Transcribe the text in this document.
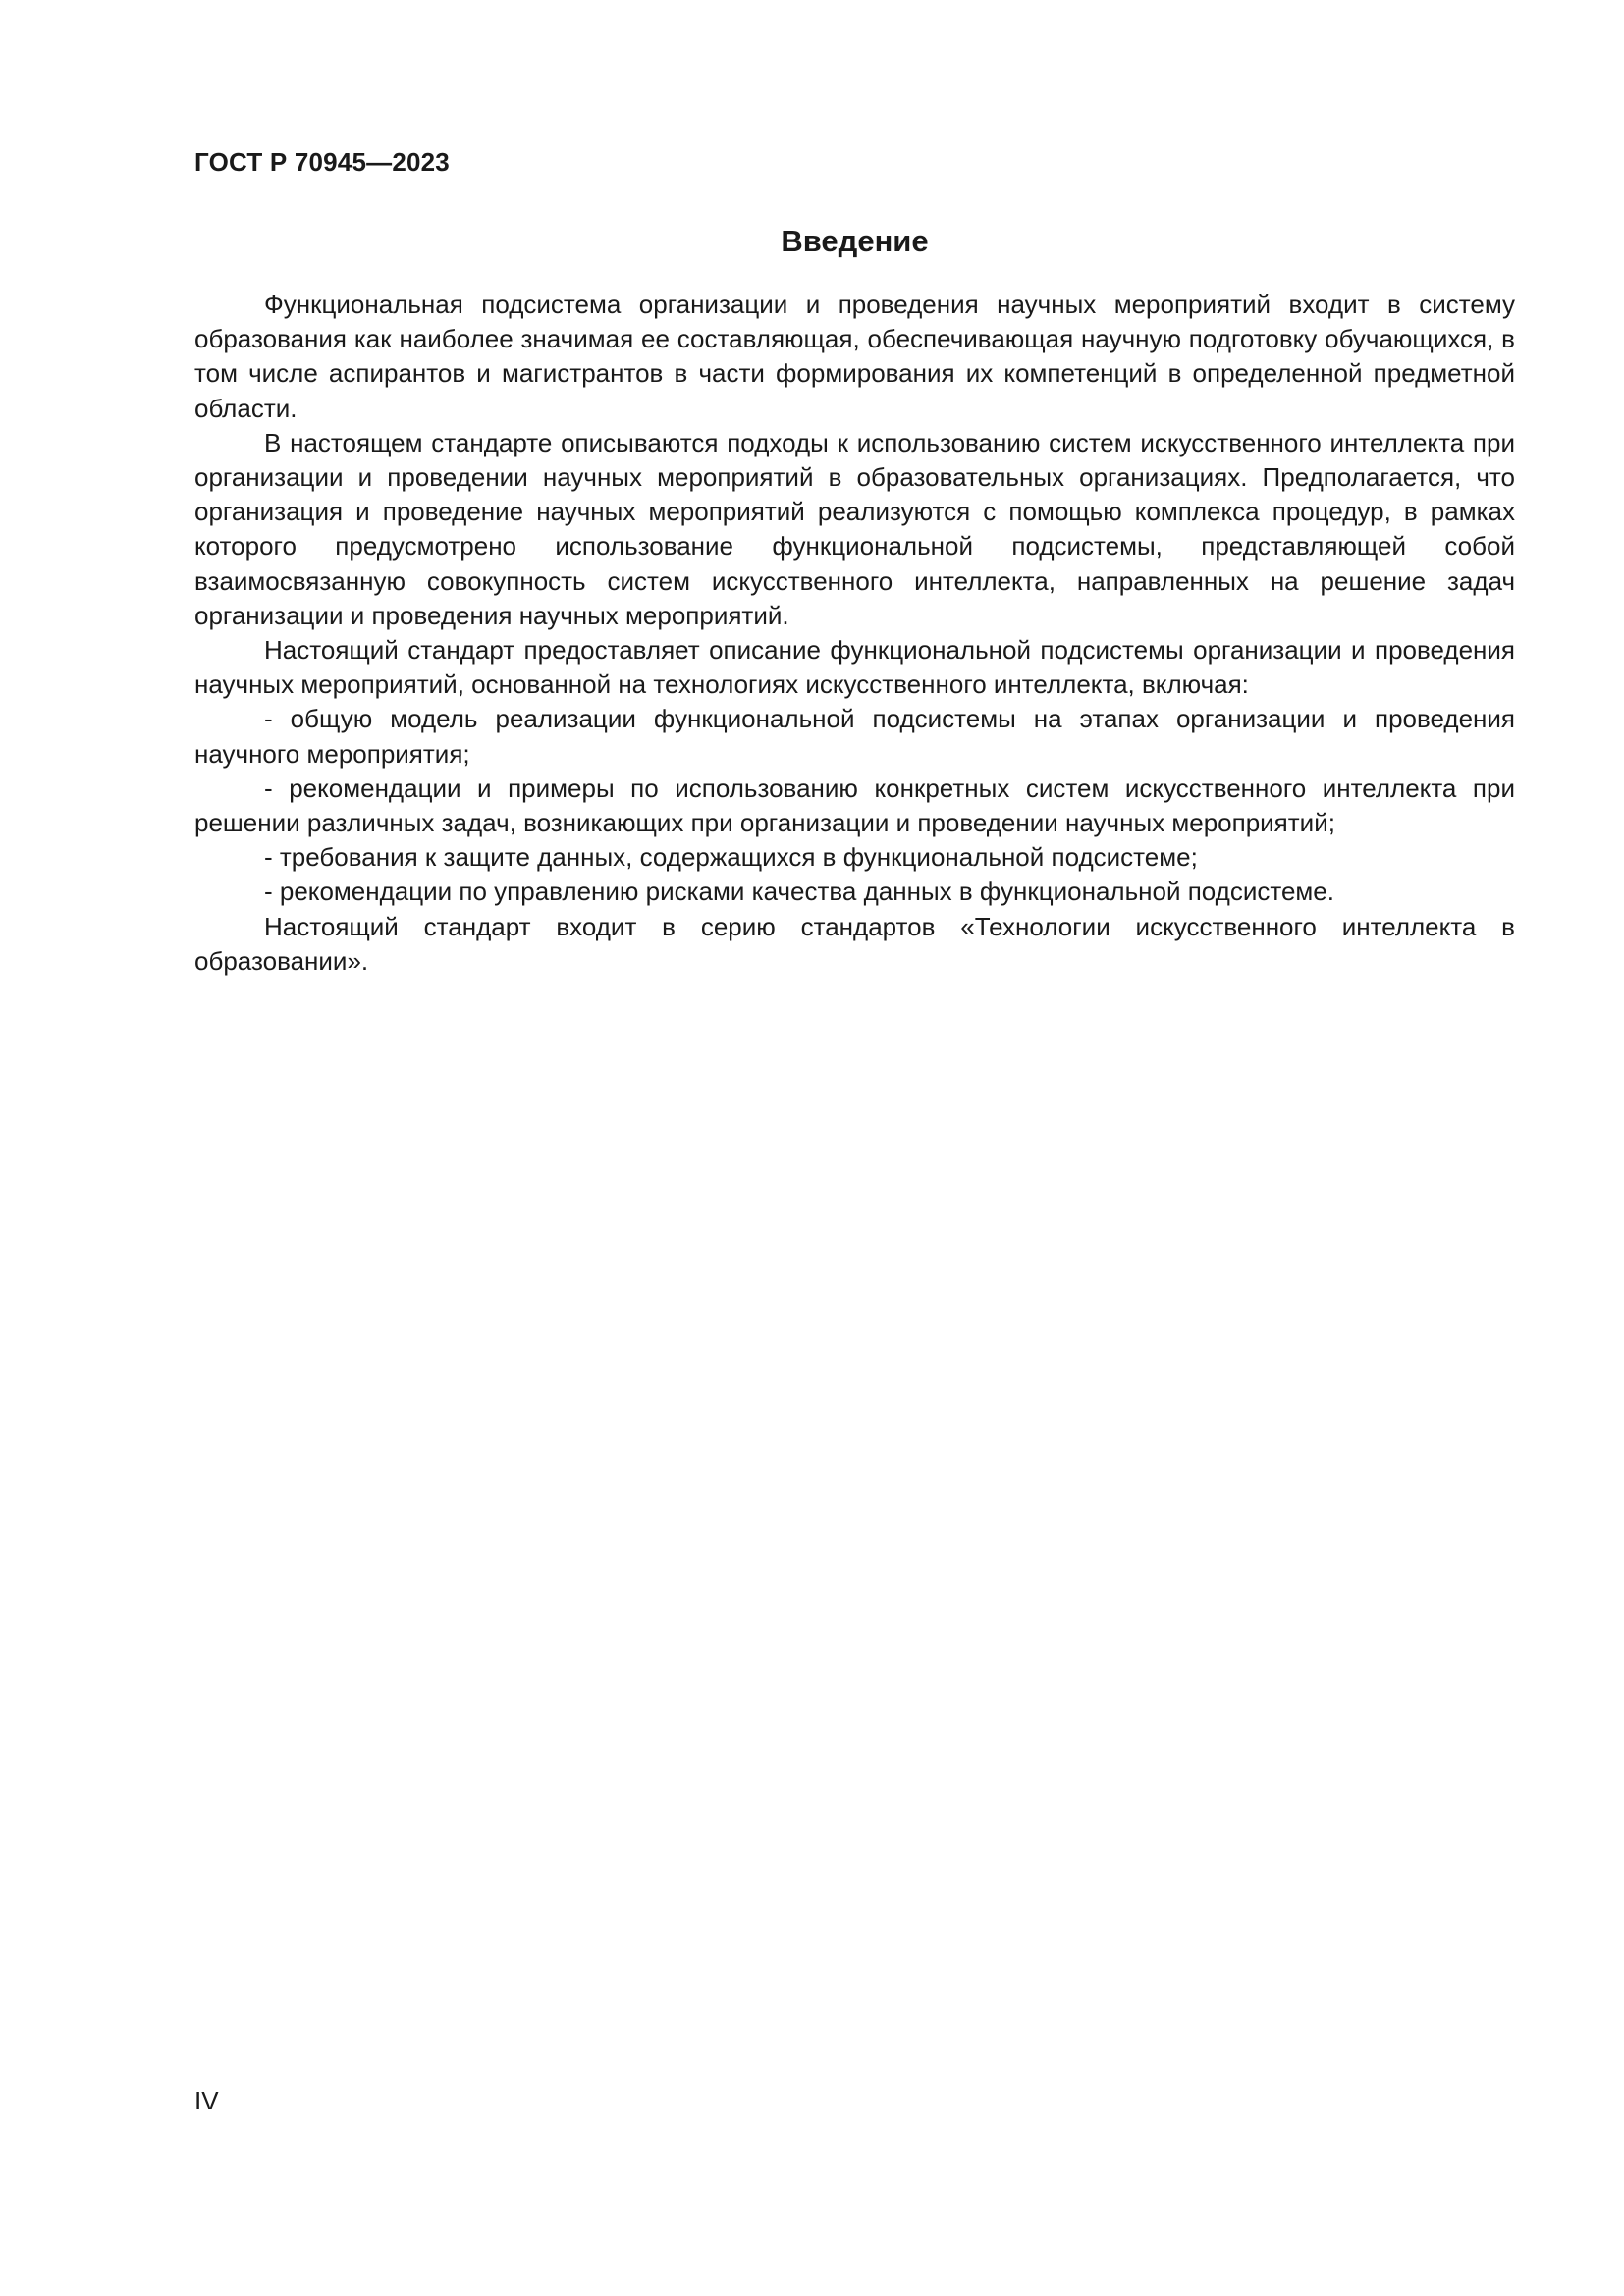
ГОСТ Р 70945—2023

Введение

Функциональная подсистема организации и проведения научных мероприятий входит в систему образования как наиболее значимая ее составляющая, обеспечивающая научную подготовку обучающихся, в том числе аспирантов и магистрантов в части формирования их компетенций в определенной предметной области.

В настоящем стандарте описываются подходы к использованию систем искусственного интеллекта при организации и проведении научных мероприятий в образовательных организациях. Предполагается, что организация и проведение научных мероприятий реализуются с помощью комплекса процедур, в рамках которого предусмотрено использование функциональной подсистемы, представляющей собой взаимосвязанную совокупность систем искусственного интеллекта, направленных на решение задач организации и проведения научных мероприятий.

Настоящий стандарт предоставляет описание функциональной подсистемы организации и проведения научных мероприятий, основанной на технологиях искусственного интеллекта, включая:

- общую модель реализации функциональной подсистемы на этапах организации и проведения научного мероприятия;

- рекомендации и примеры по использованию конкретных систем искусственного интеллекта при решении различных задач, возникающих при организации и проведении научных мероприятий;

- требования к защите данных, содержащихся в функциональной подсистеме;

- рекомендации по управлению рисками качества данных в функциональной подсистеме.

Настоящий стандарт входит в серию стандартов «Технологии искусственного интеллекта в образовании».

IV
